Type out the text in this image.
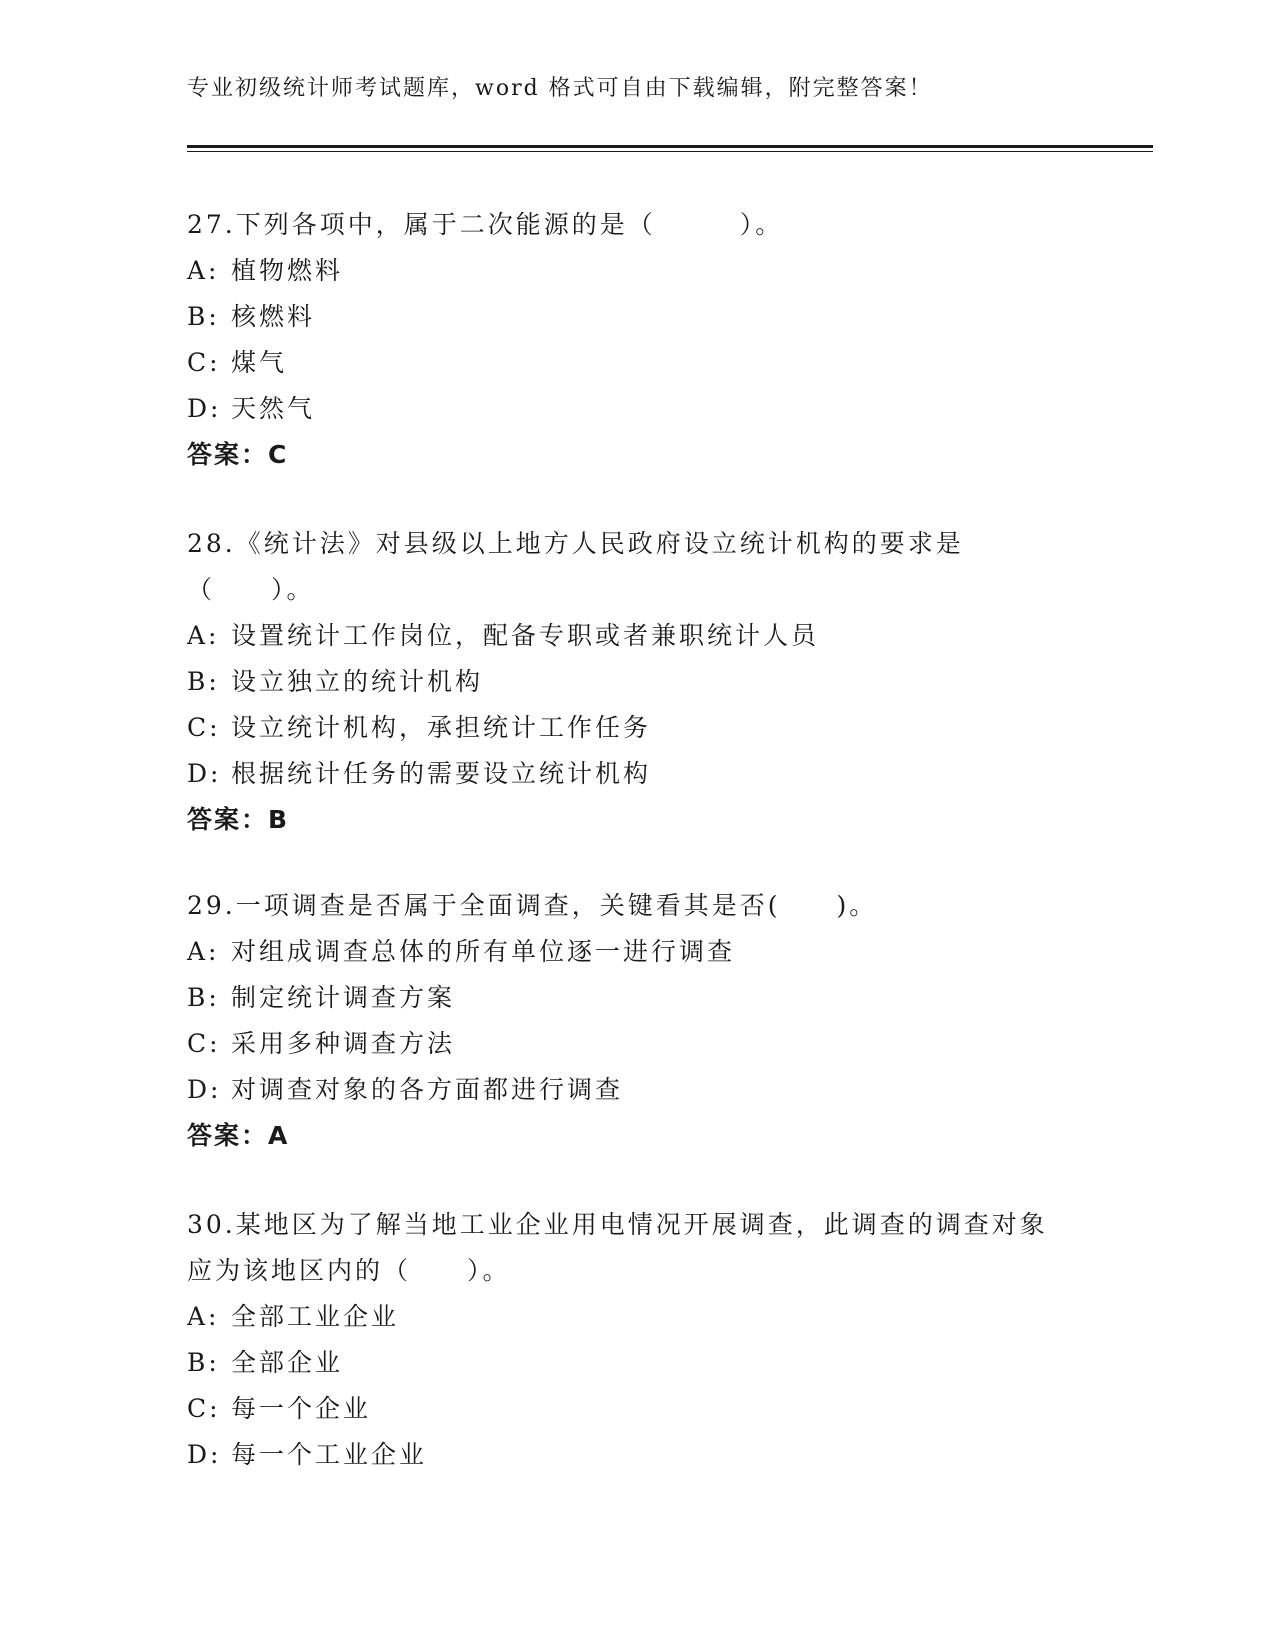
专业初级统计师考试题库，word 格式可自由下载编辑，附完整答案！

27.下列各项中，属于二次能源的是（　　　）。

A: 植物燃料

B: 核燃料

C: 煤气

D: 天然气

答案：C

28.《统计法》对县级以上地方人民政府设立统计机构的要求是（　　）。

A: 设置统计工作岗位，配备专职或者兼职统计人员

B: 设立独立的统计机构

C: 设立统计机构，承担统计工作任务

D: 根据统计任务的需要设立统计机构

答案：B

29.一项调查是否属于全面调查，关键看其是否(　　)。

A: 对组成调查总体的所有单位逐一进行调查

B: 制定统计调查方案

C: 采用多种调查方法

D: 对调查对象的各方面都进行调查

答案：A

30.某地区为了解当地工业企业用电情况开展调查，此调查的调查对象应为该地区内的（　　）。

A: 全部工业企业

B: 全部企业

C: 每一个企业

D: 每一个工业企业
